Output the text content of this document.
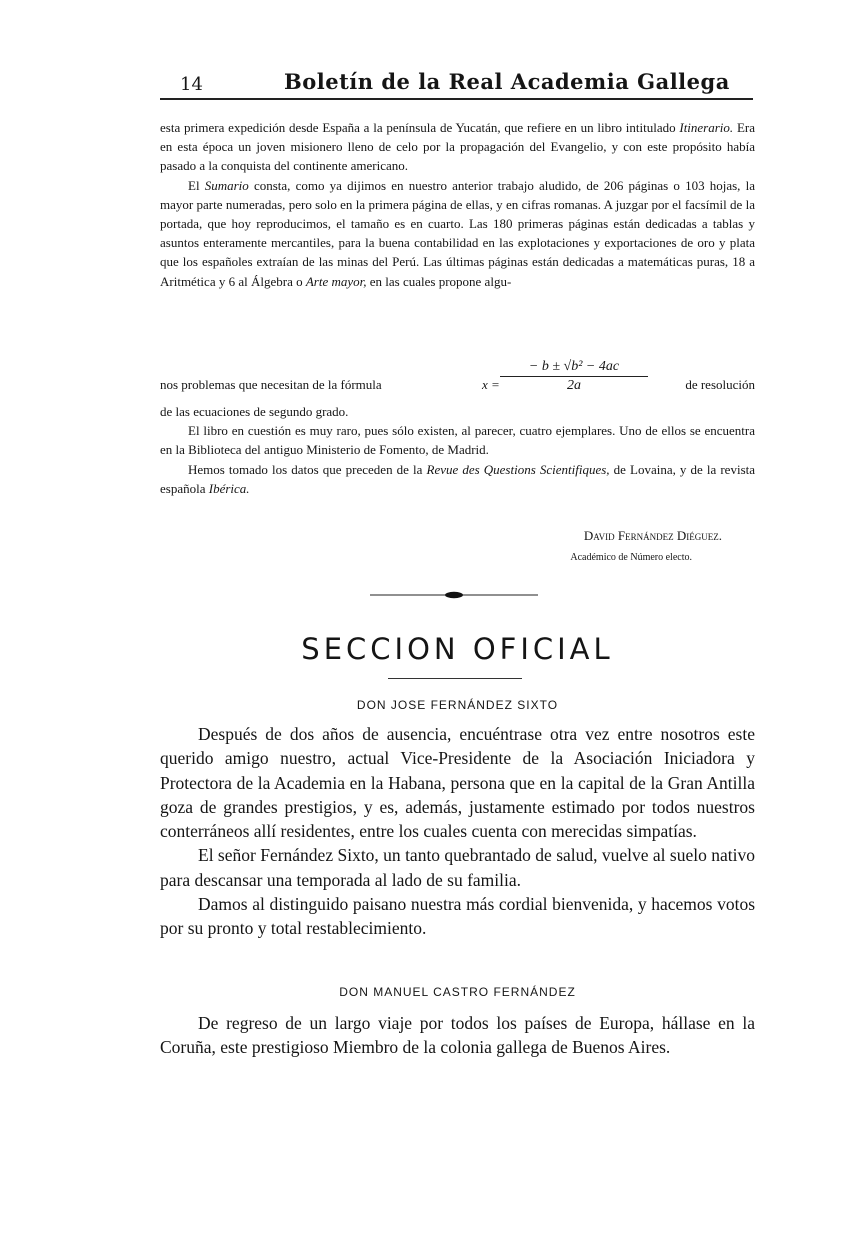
14	Boletín de la Real Academia Gallega

esta primera expedición desde España a la península de Yucatán, que refiere en un libro intitulado Itinerario. Era en esta época un joven misionero lleno de celo por la propagación del Evangelio, y con este propósito había pasado a la conquista del continente americano.

El Sumario consta, como ya dijimos en nuestro anterior trabajo aludido, de 206 páginas o 103 hojas, la mayor parte numeradas, pero solo en la primera página de ellas, y en cifras romanas. A juzgar por el facsímil de la portada, que hoy reproducimos, el tamaño es en cuarto. Las 180 primeras páginas están dedicadas a tablas y asuntos enteramente mercantiles, para la buena contabilidad en las explotaciones y exportaciones de oro y plata que los españoles extraían de las minas del Perú. Las últimas páginas están dedicadas a matemáticas puras, 18 a Aritmética y 6 al Álgebra o Arte mayor, en las cuales propone algu-

nos problemas que necesitan de la fórmula	$x = \frac{\text{− b ± √b² − 4ac}}{2a}$	de resolución

de las ecuaciones de segundo grado.

El libro en cuestión es muy raro, pues sólo existen, al parecer, cuatro ejemplares. Uno de ellos se encuentra en la Biblioteca del antiguo Ministerio de Fomento, de Madrid.

Hemos tomado los datos que preceden de la Revue des Questions Scientifiques, de Lovaina, y de la revista española Ibérica.

David Fernández Diéguez.
Académico de Número electo.
SECCION OFICIAL
DON JOSE FERNÁNDEZ SIXTO

Después de dos años de ausencia, encuéntrase otra vez entre nosotros este querido amigo nuestro, actual Vice-Presidente de la Asociación Iniciadora y Protectora de la Academia en la Habana, persona que en la capital de la Gran Antilla goza de grandes prestigios, y es, además, justamente estimado por todos nuestros conterráneos allí residentes, entre los cuales cuenta con merecidas simpatías.

El señor Fernández Sixto, un tanto quebrantado de salud, vuelve al suelo nativo para descansar una temporada al lado de su familia.

Damos al distinguido paisano nuestra más cordial bienvenida, y hacemos votos por su pronto y total restablecimiento.

DON MANUEL CASTRO FERNÁNDEZ

De regreso de un largo viaje por todos los países de Europa, hállase en la Coruña, este prestigioso Miembro de la colonia gallega de Buenos Aires.
